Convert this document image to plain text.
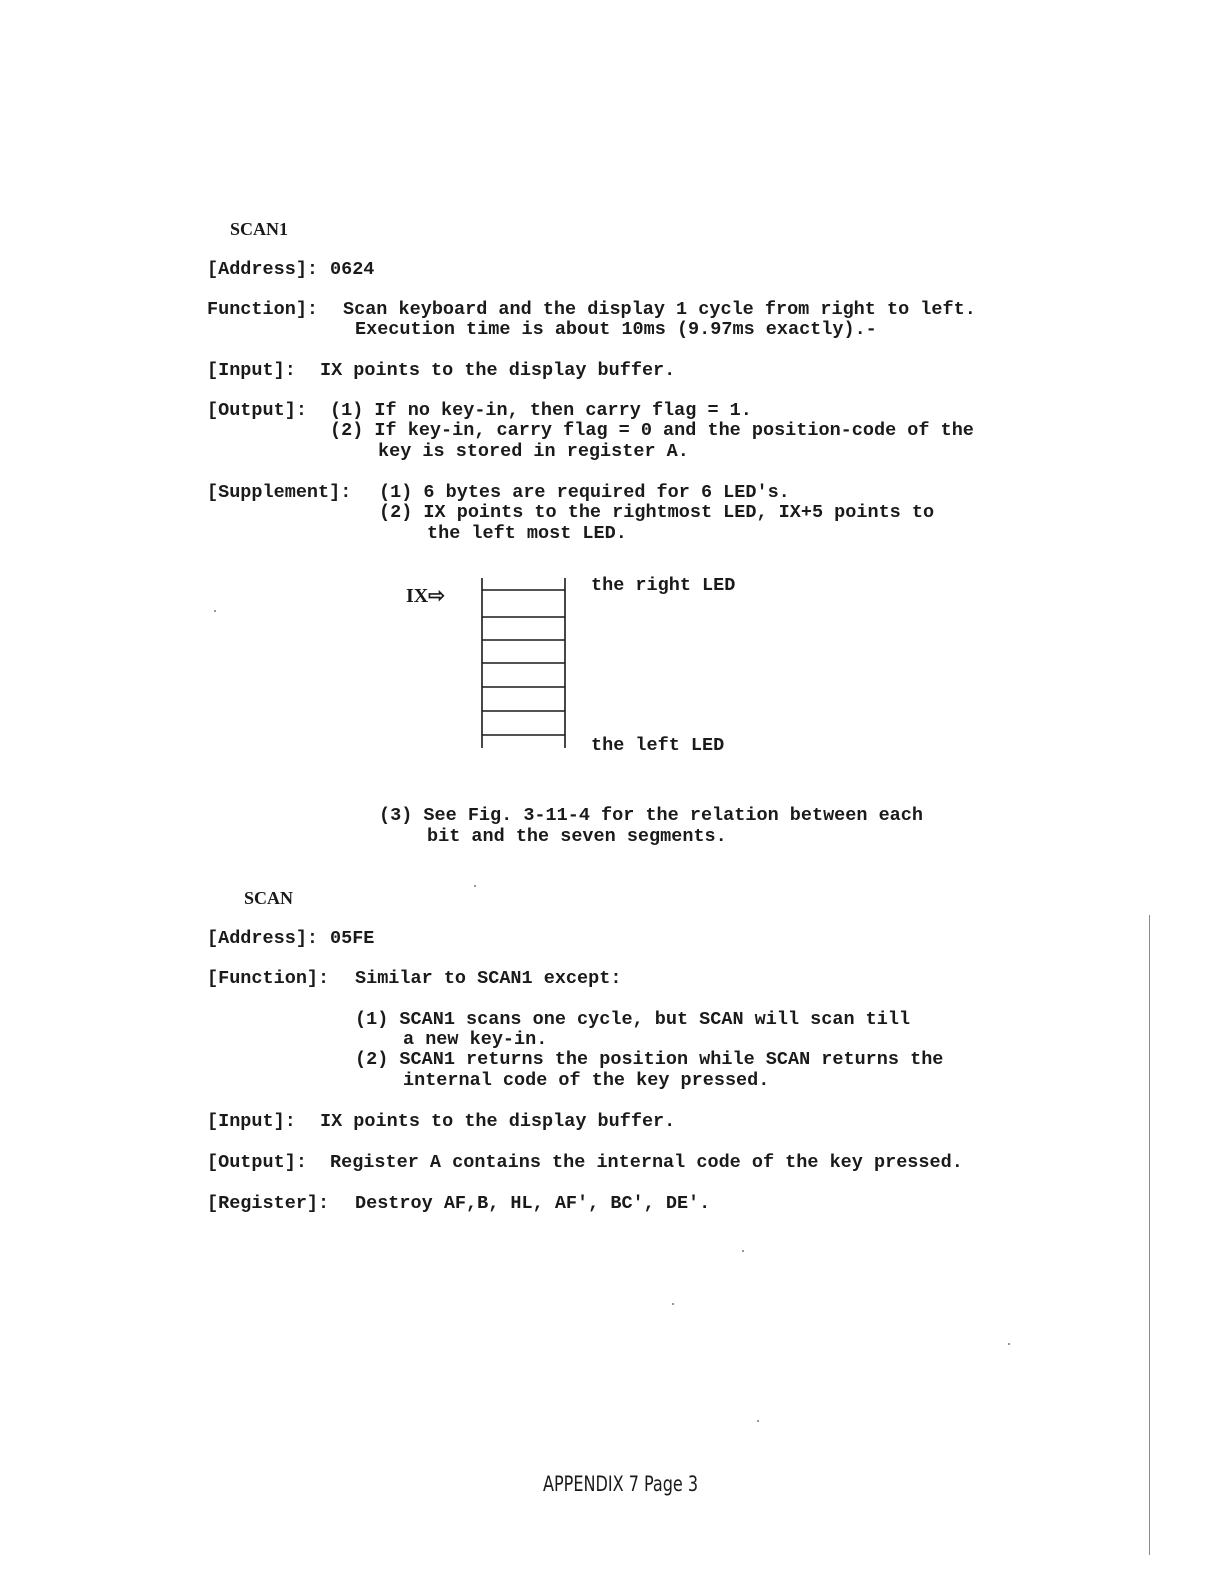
SCAN1
[Address]: 0624
Function]: Scan keyboard and the display 1 cycle from right to left.
Execution time is about 10ms (9.97ms exactly).-
[Input]: IX points to the display buffer.
[Output]: (1) If no key-in, then carry flag = 1.
(2) If key-in, carry flag = 0 and the position-code of the
key is stored in register A.
[Supplement]: (1) 6 bytes are required for 6 LED's.
(2) IX points to the rightmost LED, IX+5 points to
the left most LED.
IX⇨	the right LED
the left LED
(3) See Fig. 3-11-4 for the relation between each
bit and the seven segments.
SCAN
[Address]: 05FE
[Function]: Similar to SCAN1 except:
(1) SCAN1 scans one cycle, but SCAN will scan till
a new key-in.
(2) SCAN1 returns the position while SCAN returns the
internal code of the key pressed.
[Input]: IX points to the display buffer.
[Output]: Register A contains the internal code of the key pressed.
[Register]: Destroy AF,B, HL, AF', BC', DE'.
APPENDIX 7 Page 3
